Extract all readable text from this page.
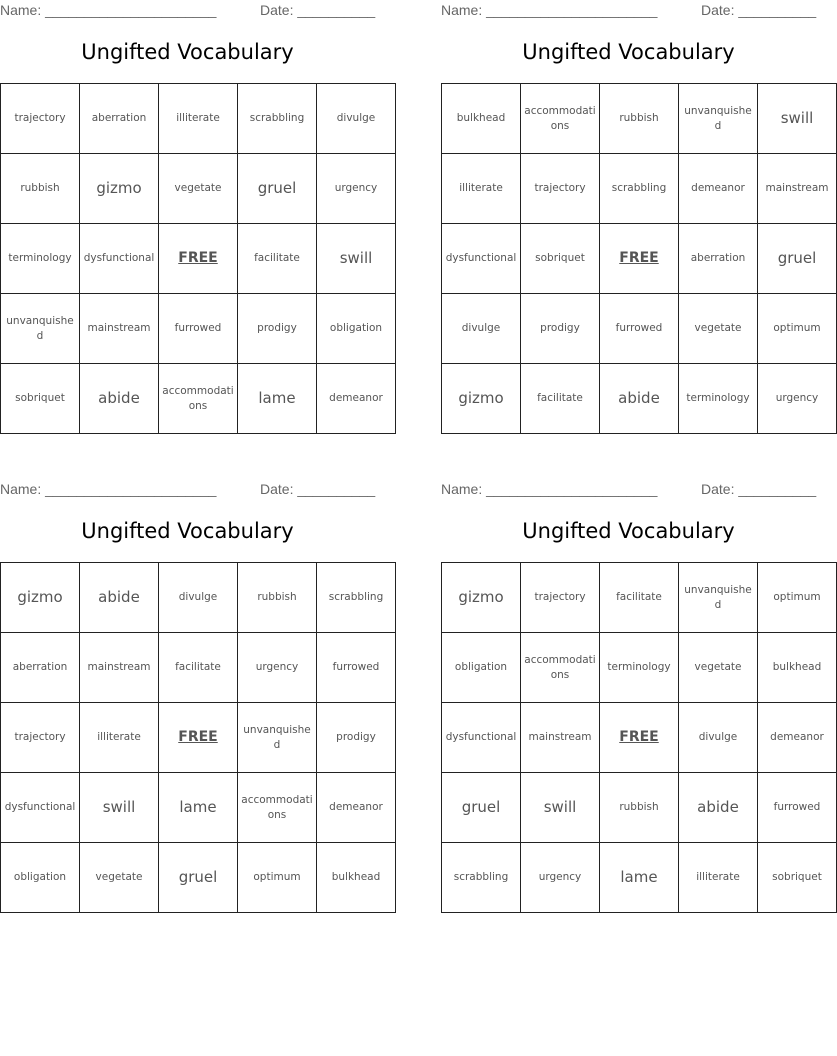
Name: ______________________	Date: __________
Ungifted Vocabulary
trajectory	aberration	illiterate	scrabbling	divulge
rubbish	gizmo	vegetate	gruel	urgency
terminology	dysfunctional	FREE	facilitate	swill
unvanquished	mainstream	furrowed	prodigy	obligation
sobriquet	abide	accommodations	lame	demeanor
Name: ______________________	Date: __________
Ungifted Vocabulary
bulkhead	accommodations	rubbish	unvanquished	swill
illiterate	trajectory	scrabbling	demeanor	mainstream
dysfunctional	sobriquet	FREE	aberration	gruel
divulge	prodigy	furrowed	vegetate	optimum
gizmo	facilitate	abide	terminology	urgency
Name: ______________________	Date: __________
Ungifted Vocabulary
gizmo	abide	divulge	rubbish	scrabbling
aberration	mainstream	facilitate	urgency	furrowed
trajectory	illiterate	FREE	unvanquished	prodigy
dysfunctional	swill	lame	accommodations	demeanor
obligation	vegetate	gruel	optimum	bulkhead
Name: ______________________	Date: __________
Ungifted Vocabulary
gizmo	trajectory	facilitate	unvanquished	optimum
obligation	accommodations	terminology	vegetate	bulkhead
dysfunctional	mainstream	FREE	divulge	demeanor
gruel	swill	rubbish	abide	furrowed
scrabbling	urgency	lame	illiterate	sobriquet
